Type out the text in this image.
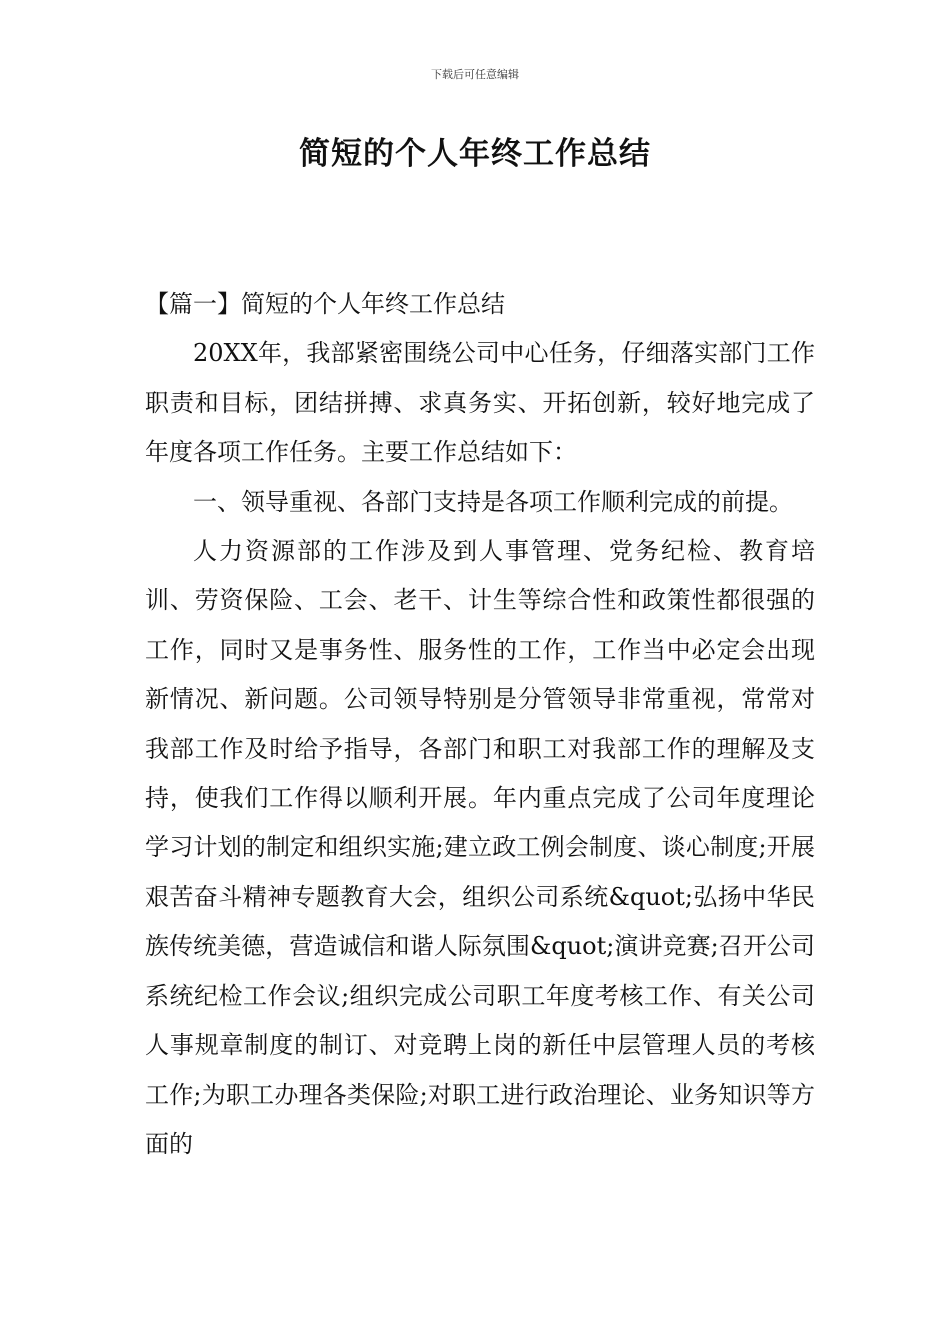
下载后可任意编辑
简短的个人年终工作总结

【篇一】简短的个人年终工作总结

20XX年，我部紧密围绕公司中心任务，仔细落实部门工作职责和目标，团结拼搏、求真务实、开拓创新，较好地完成了年度各项工作任务。主要工作总结如下：

一、领导重视、各部门支持是各项工作顺利完成的前提。

人力资源部的工作涉及到人事管理、党务纪检、教育培训、劳资保险、工会、老干、计生等综合性和政策性都很强的工作，同时又是事务性、服务性的工作，工作当中必定会出现新情况、新问题。公司领导特别是分管领导非常重视，常常对我部工作及时给予指导，各部门和职工对我部工作的理解及支持，使我们工作得以顺利开展。年内重点完成了公司年度理论学习计划的制定和组织实施;建立政工例会制度、谈心制度;开展艰苦奋斗精神专题教育大会，组织公司系统&quot;弘扬中华民族传统美德，营造诚信和谐人际氛围&quot;演讲竞赛;召开公司系统纪检工作会议;组织完成公司职工年度考核工作、有关公司人事规章制度的制订、对竞聘上岗的新任中层管理人员的考核工作;为职工办理各类保险;对职工进行政治理论、业务知识等方面的
